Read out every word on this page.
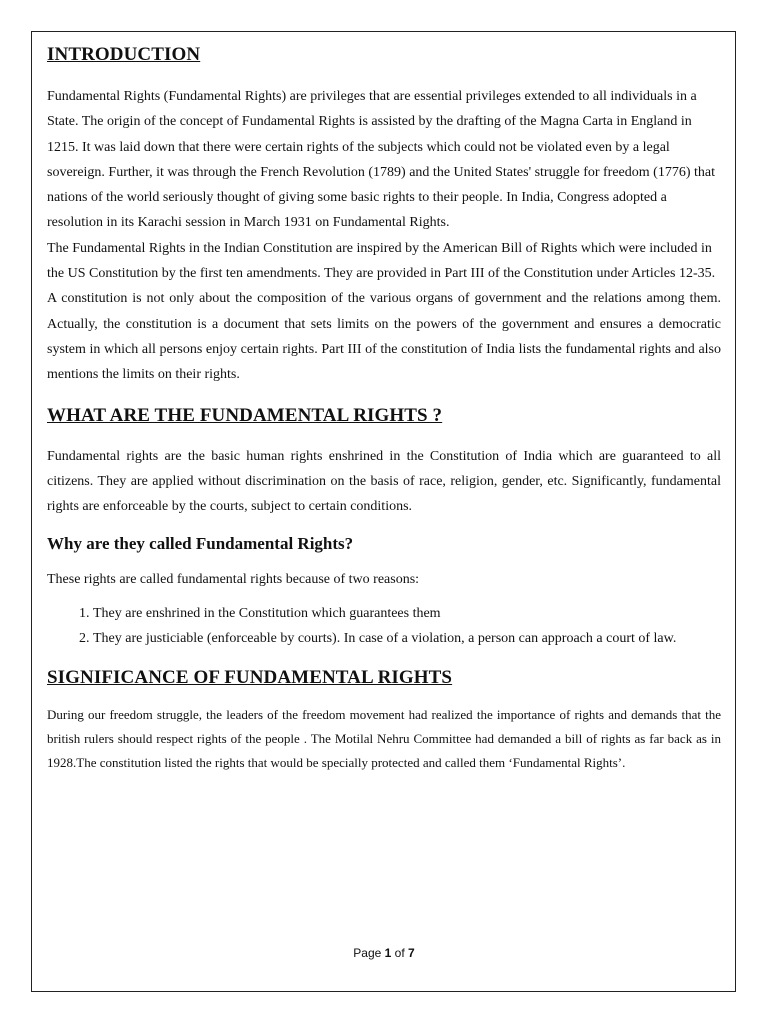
INTRODUCTION

Fundamental Rights (Fundamental Rights) are privileges that are essential privileges extended to all individuals in a State. The origin of the concept of Fundamental Rights is assisted by the drafting of the Magna Carta in England in 1215. It was laid down that there were certain rights of the subjects which could not be violated even by a legal sovereign. Further, it was through the French Revolution (1789) and the United States' struggle for freedom (1776) that nations of the world seriously thought of giving some basic rights to their people. In India, Congress adopted a resolution in its Karachi session in March 1931 on Fundamental Rights.

The Fundamental Rights in the Indian Constitution are inspired by the American Bill of Rights which were included in the US Constitution by the first ten amendments. They are provided in Part III of the Constitution under Articles 12-35.

A constitution is not only about the composition of the various organs of government and the relations among them. Actually, the constitution is a document that sets limits on the powers of the government and ensures a democratic system in which all persons enjoy certain rights. Part III of the constitution of India lists the fundamental rights and also mentions the limits on their rights.

WHAT ARE THE FUNDAMENTAL RIGHTS ?

Fundamental rights are the basic human rights enshrined in the Constitution of India which are guaranteed to all citizens. They are applied without discrimination on the basis of race, religion, gender, etc. Significantly, fundamental rights are enforceable by the courts, subject to certain conditions.

Why are they called Fundamental Rights?

These rights are called fundamental rights because of two reasons:

1. They are enshrined in the Constitution which guarantees them
2. They are justiciable (enforceable by courts). In case of a violation, a person can approach a court of law.
SIGNIFICANCE OF FUNDAMENTAL RIGHTS

During our freedom struggle, the leaders of the freedom movement had realized the importance of rights and demands that the british rulers should respect rights of the people . The Motilal Nehru Committee had demanded a bill of rights as far back as in 1928.The constitution listed the rights that would be specially protected and called them ‘Fundamental Rights’.

Page 1 of 7
